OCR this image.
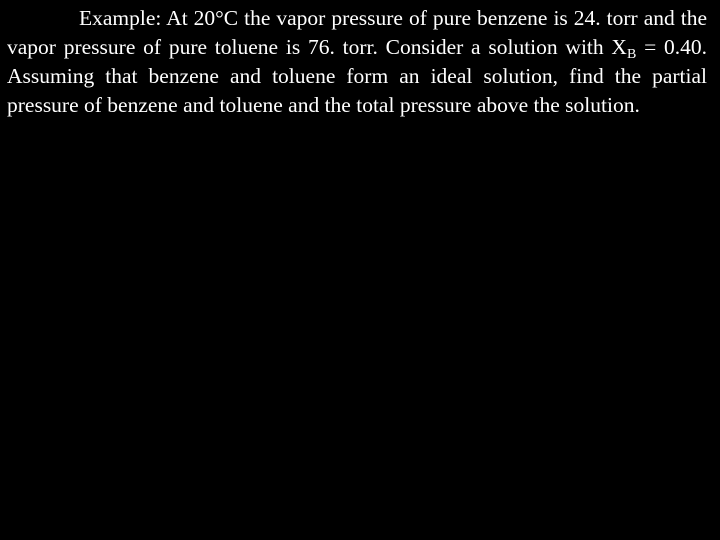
Example: At 20°C the vapor pressure of pure benzene is 24. torr and the vapor pressure of pure toluene is 76. torr. Consider a solution with XB = 0.40. Assuming that benzene and toluene form an ideal solution, find the partial pressure of benzene and toluene and the total pressure above the solution.
